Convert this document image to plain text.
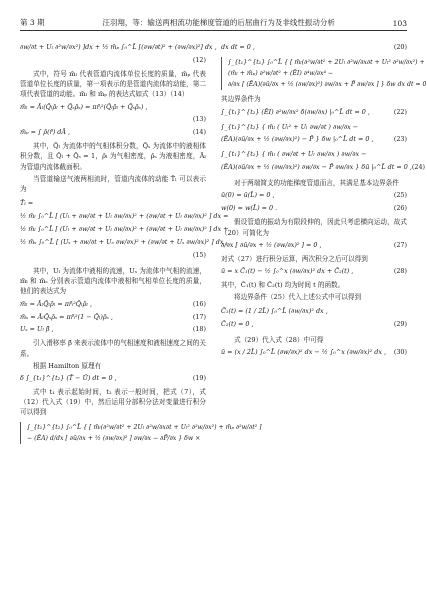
第 3 期	汪羽翔，等：输送两相流功能梯度管道的后屈曲行为及非线性振动分析	103
∂w/∂t + Uₗ ∂²w/∂x²) ]dx + ½ m̄ₚ ∫₀^L̄ [(∂w/∂t)² + (∂w/∂x)²] dx ,
(12)
式中，符号 m̄ₗ 代表管道内流体单位长度的质量，m̄ₚ 代表管道单位长度的质量，第一项表示的是管道内流体的动能，第二项代表管道的动能。m̄ₗ 和 m̄ₚ 的表达式如式（13）（14）
m̄ₗ = Āₗ(Q̄ₗρ̄ₗ + Q̄ₛρ̄ₛ) = πr̄ᵢ²(Q̄ₗρ̄ₗ + Q̄ₛρ̄ₛ) ,
(13)
m̄ₚ = ∫ ρ̄(r̄) dĀ ,	(14)
其中，Q̄ₗ 为流体中的气相体积分数，Q̄ₛ 为流体中的液相体积分数，且 Q̄ₗ + Q̄ₛ = 1，ρ̄ₗ 为气相密度，ρ̄ₛ 为液相密度，Āₗ 为管道内流体截面积。
当管道输送气液两相流时，管道内流体的动能 T̄ₗ 可以表示为
T̄ₗ =
½ m̄ₗ ∫₀^L̄ [ (Uₗ + ∂w/∂t + Uₗ ∂w/∂x)² + (∂w/∂t + Uₗ ∂w/∂x)² ] dx =
½ m̄ₗ ∫₀^L̄ [ (Uₗ + ∂w/∂t + Uₗ ∂w/∂x)² + (∂w/∂t + Uₗ ∂w/∂x)² ] dx +
½ m̄ₛ ∫₀^L̄ [ (Uₛ + ∂w/∂t + Uₛ ∂w/∂x)² + (∂w/∂t + Uₛ ∂w/∂x)² ] dx ,
(15)
其中，Uₗ 为流体中液相的流速，Uₛ 为流体中气相的流速，m̄ₗ 和 m̄ₛ 分别表示管道内流体中液相和气相单位长度的质量，他们的表达式为
m̄ₗ = ĀₗQ̄ₗρ̄ₗ = πr̄ᵢ²Q̄ₗρ̄ₗ ,	(16)
m̄ₛ = ĀₗQ̄ₛρ̄ₛ = πr̄ᵢ²(1 − Q̄ₗ)ρ̄ₛ ,	(17)
Uₛ = Uₗ β̄ ,	(18)
引入滑移率 β̄ 来表示流体中的气相速度和液相速度之间的关系。
根据 Hamilton 原理有
δ ∫_{t₁}^{t₂} (T̄ − Ū) dt = 0 ,	(19)
式中 t₁ 表示起始时间，t₂ 表示一般时间，把式（7），式（12）代入式（19）中，然后运用分部积分法对变量进行积分可以得到
∫_{t₁}^{t₂} ∫₀^L̄ { [ m̄ₗ(∂²w/∂t² + 2Uₗ ∂²w/∂x∂t + Uₗ² ∂²w/∂x²) + m̄ₚ ∂²w/∂t² ]
− (ĒA) d/dx [ ∂ū/∂x + ½ (∂w/∂x)² ] ∂w/∂x − ∂P̄/∂x } δw ×
dx dt = 0 ,	(20)
∫_{t₁}^{t₂} ∫₀^L̄ { [ m̄ₗ(∂²w/∂t² + 2Uₗ ∂²w/∂x∂t + Uₗ² ∂²w/∂x²) +
(m̄ₗ + m̄ₚ) ∂²w/∂t² + (ĒI) ∂⁴w/∂x⁴ −
∂/∂x [ (ĒA)(∂ū/∂x + ½ (∂w/∂x)²) ∂w/∂x + P̄ ∂w/∂x ] } δw dx dt = 0
其边界条件为
∫_{t₁}^{t₂} (ĒI) ∂²w/∂x² δ(∂w/∂x) |₀^L̄ dt = 0 ,	(22)
∫_{t₁}^{t₂} { m̄ₗ ( Uₗ² + Uₗ ∂w/∂t ) ∂w/∂x −
(ĒA)(∂ū/∂x + ½ (∂w/∂x)²) − P̄ } δw |₀^L̄ dt = 0 ,	(23)
∫_{t₁}^{t₂} { m̄ₗ ( ∂w/∂t + Uₗ ∂w/∂x ) ∂w/∂x −
(ĒA)(∂ū/∂x + ½ (∂w/∂x)²) ∂w/∂x − P̄ ∂w/∂x } δū |₀^L̄ dt = 0 , (24)
对于两端简支的功能梯度管道而言，其满足基本边界条件
ū(0) = ū(L̄) = 0 ,	(25)
w(0) = w(L̄) = 0 .	(26)
假设管道的振动为有限段伸的，因此只考虑横向运动，故式（20）可简化为
∂/∂x [ ∂ū/∂x + ½ (∂w/∂x)² ] = 0 ,	(27)
对式（27）进行积分运算，两次积分之后可以得到
ū = x C̄₁(t) − ½ ∫₀^x (∂w/∂x)² dx + C̄₂(t) ,	(28)
其中，C̄₁(t) 和 C̄₂(t) 均为时间 t 的函数。
将边界条件（25）代入上述公式中可以得到
C̄₁(t) = (1 / 2L̄) ∫₀^L̄ (∂w/∂x)² dx ,
C̄₂(t) = 0 ,	(29)
式（29）代入式（28）中可得
ū = (x / 2L̄) ∫₀^L̄ (∂w/∂x)² dx − ½ ∫₀^x (∂w/∂x)² dx , (30)
